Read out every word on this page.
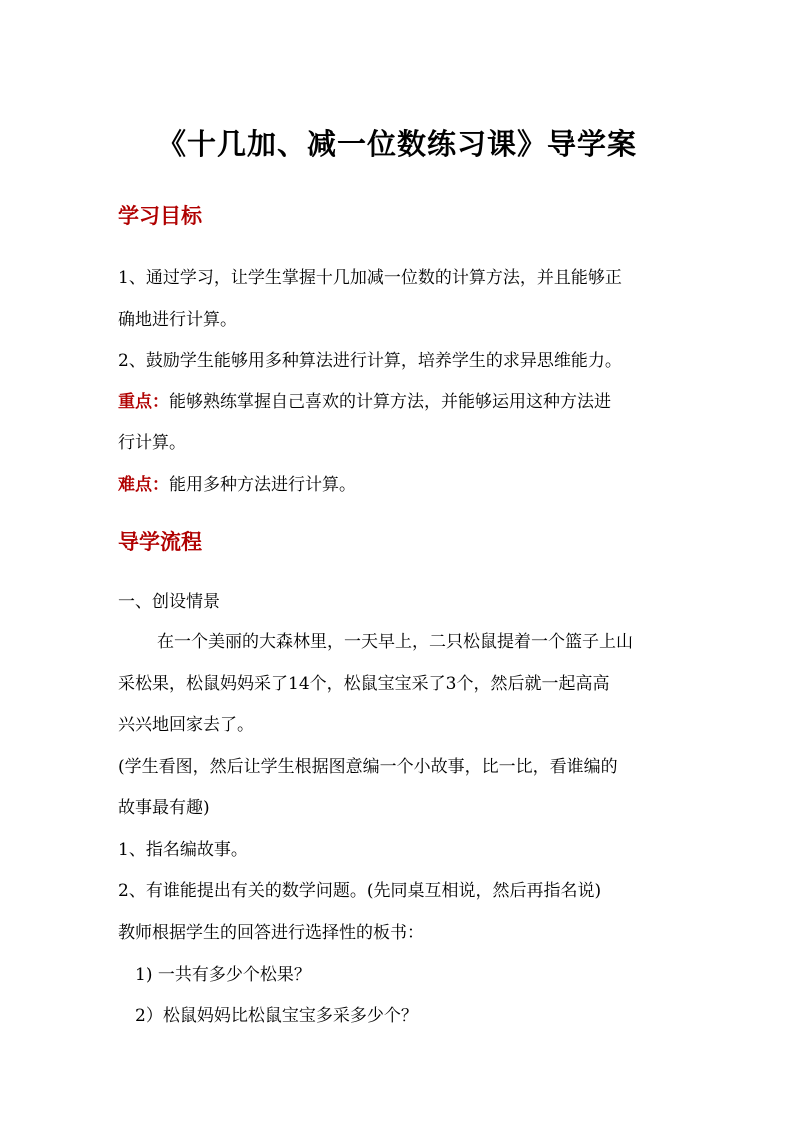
《十几加、减一位数练习课》导学案
学习目标
1、通过学习，让学生掌握十几加减一位数的计算方法，并且能够正
确地进行计算。
2、鼓励学生能够用多种算法进行计算，培养学生的求异思维能力。
重点：能够熟练掌握自己喜欢的计算方法，并能够运用这种方法进
行计算。
难点：能用多种方法进行计算。
导学流程
一、创设情景
在一个美丽的大森林里，一天早上，二只松鼠提着一个篮子上山
采松果，松鼠妈妈采了14个，松鼠宝宝采了3个，然后就一起高高
兴兴地回家去了。
(学生看图，然后让学生根据图意编一个小故事，比一比，看谁编的
故事最有趣)
1、指名编故事。
2、有谁能提出有关的数学问题。(先同桌互相说，然后再指名说)
教师根据学生的回答进行选择性的板书：
1) 一共有多少个松果？
2）松鼠妈妈比松鼠宝宝多采多少个？
